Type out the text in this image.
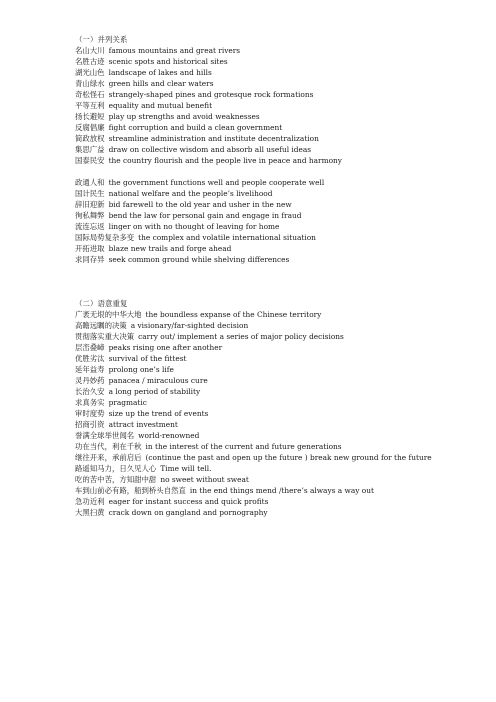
（一）并列关系
名山大川 famous mountains and great rivers
名胜古迹 scenic spots and historical sites
湖光山色 landscape of lakes and hills
青山绿水 green hills and clear waters
奇松怪石 strangely-shaped pines and grotesque rock formations
平等互利 equality and mutual benefit
扬长避短 play up strengths and avoid weaknesses
反腐倡廉 fight corruption and build a clean government
简政放权 streamline administration and institute decentralization
集思广益 draw on collective wisdom and absorb all useful ideas
国泰民安 the country flourish and the people live in peace and harmony
政通人和 the government functions well and people cooperate well
国计民生 national welfare and the people’s livelihood
辞旧迎新 bid farewell to the old year and usher in the new
徇私舞弊 bend the law for personal gain and engage in fraud
流连忘返 linger on with no thought of leaving for home
国际局势复杂多变 the complex and volatile international situation
开拓进取 blaze new trails and forge ahead
求同存异 seek common ground while shelving differences
（二）语意重复
广袤无垠的中华大地 the boundless expanse of the Chinese territory
高瞻远瞩的决策 a visionary/far-sighted decision
贯彻落实重大决策 carry out/ implement a series of major policy decisions
层峦叠嶂 peaks rising one after another
优胜劣汰 survival of the fittest
延年益寿 prolong one’s life
灵丹妙药 panacea / miraculous cure
长治久安 a long period of stability
求真务实 pragmatic
审时度势 size up the trend of events
招商引资 attract investment
誉满全球举世闻名 world-renowned
功在当代，利在千秋 in the interest of the current and future generations
继往开来，承前启后 (continue the past and open up the future ) break new ground for the future
路遥知马力，日久见人心 Time will tell.
吃的苦中苦，方知甜中甜 no sweet without sweat
车到山前必有路，船到桥头自然直 in the end things mend /there’s always a way out
急功近利 eager for instant success and quick profits
大黑扫黄 crack down on gangland and pornography
